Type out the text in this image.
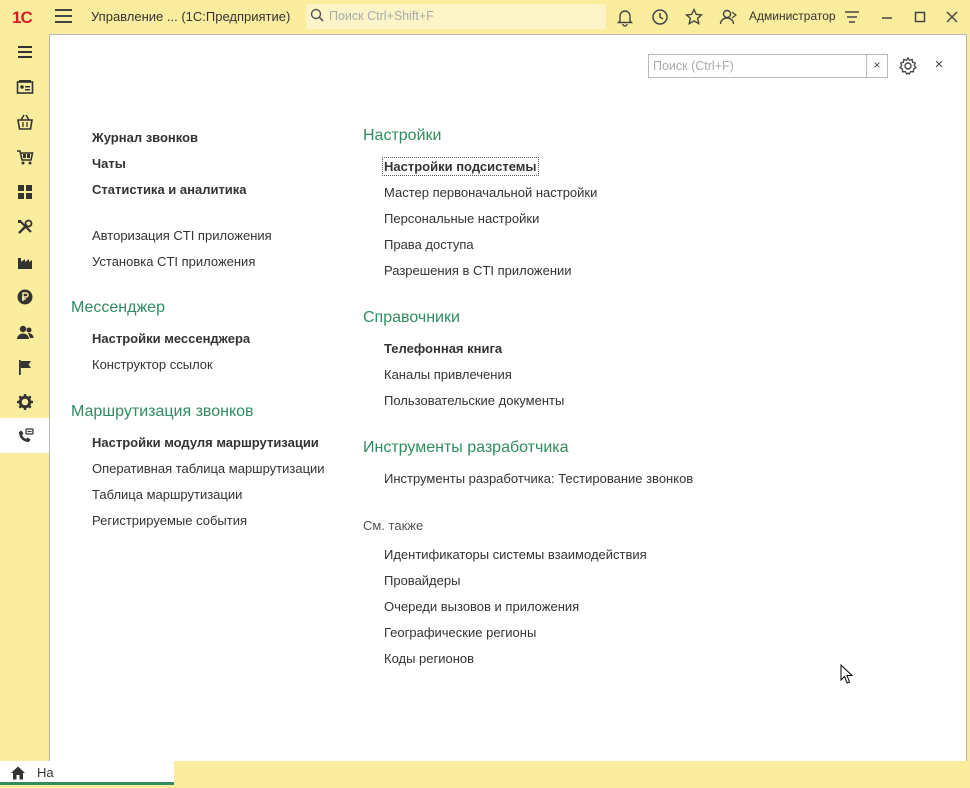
1С	Управление ... (1С:Предприятие)	Поиск Ctrl+Shift+F	Администратор
Поиск (Ctrl+F)	×	×
Журнал звонков
Чаты
Статистика и аналитика
Авторизация CTI приложения
Установка CTI приложения
Мессенджер
Настройки мессенджера
Конструктор ссылок
Маршрутизация звонков
Настройки модуля маршрутизации
Оперативная таблица маршрутизации
Таблица маршрутизации
Регистрируемые события
Настройки
Настройки подсистемы
Мастер первоначальной настройки
Персональные настройки
Права доступа
Разрешения в CTI приложении
Справочники
Телефонная книга
Каналы привлечения
Пользовательские документы
Инструменты разработчика
Инструменты разработчика: Тестирование звонков
См. также
Идентификаторы системы взаимодействия
Провайдеры
Очереди вызовов и приложения
Географические регионы
Коды регионов
На
